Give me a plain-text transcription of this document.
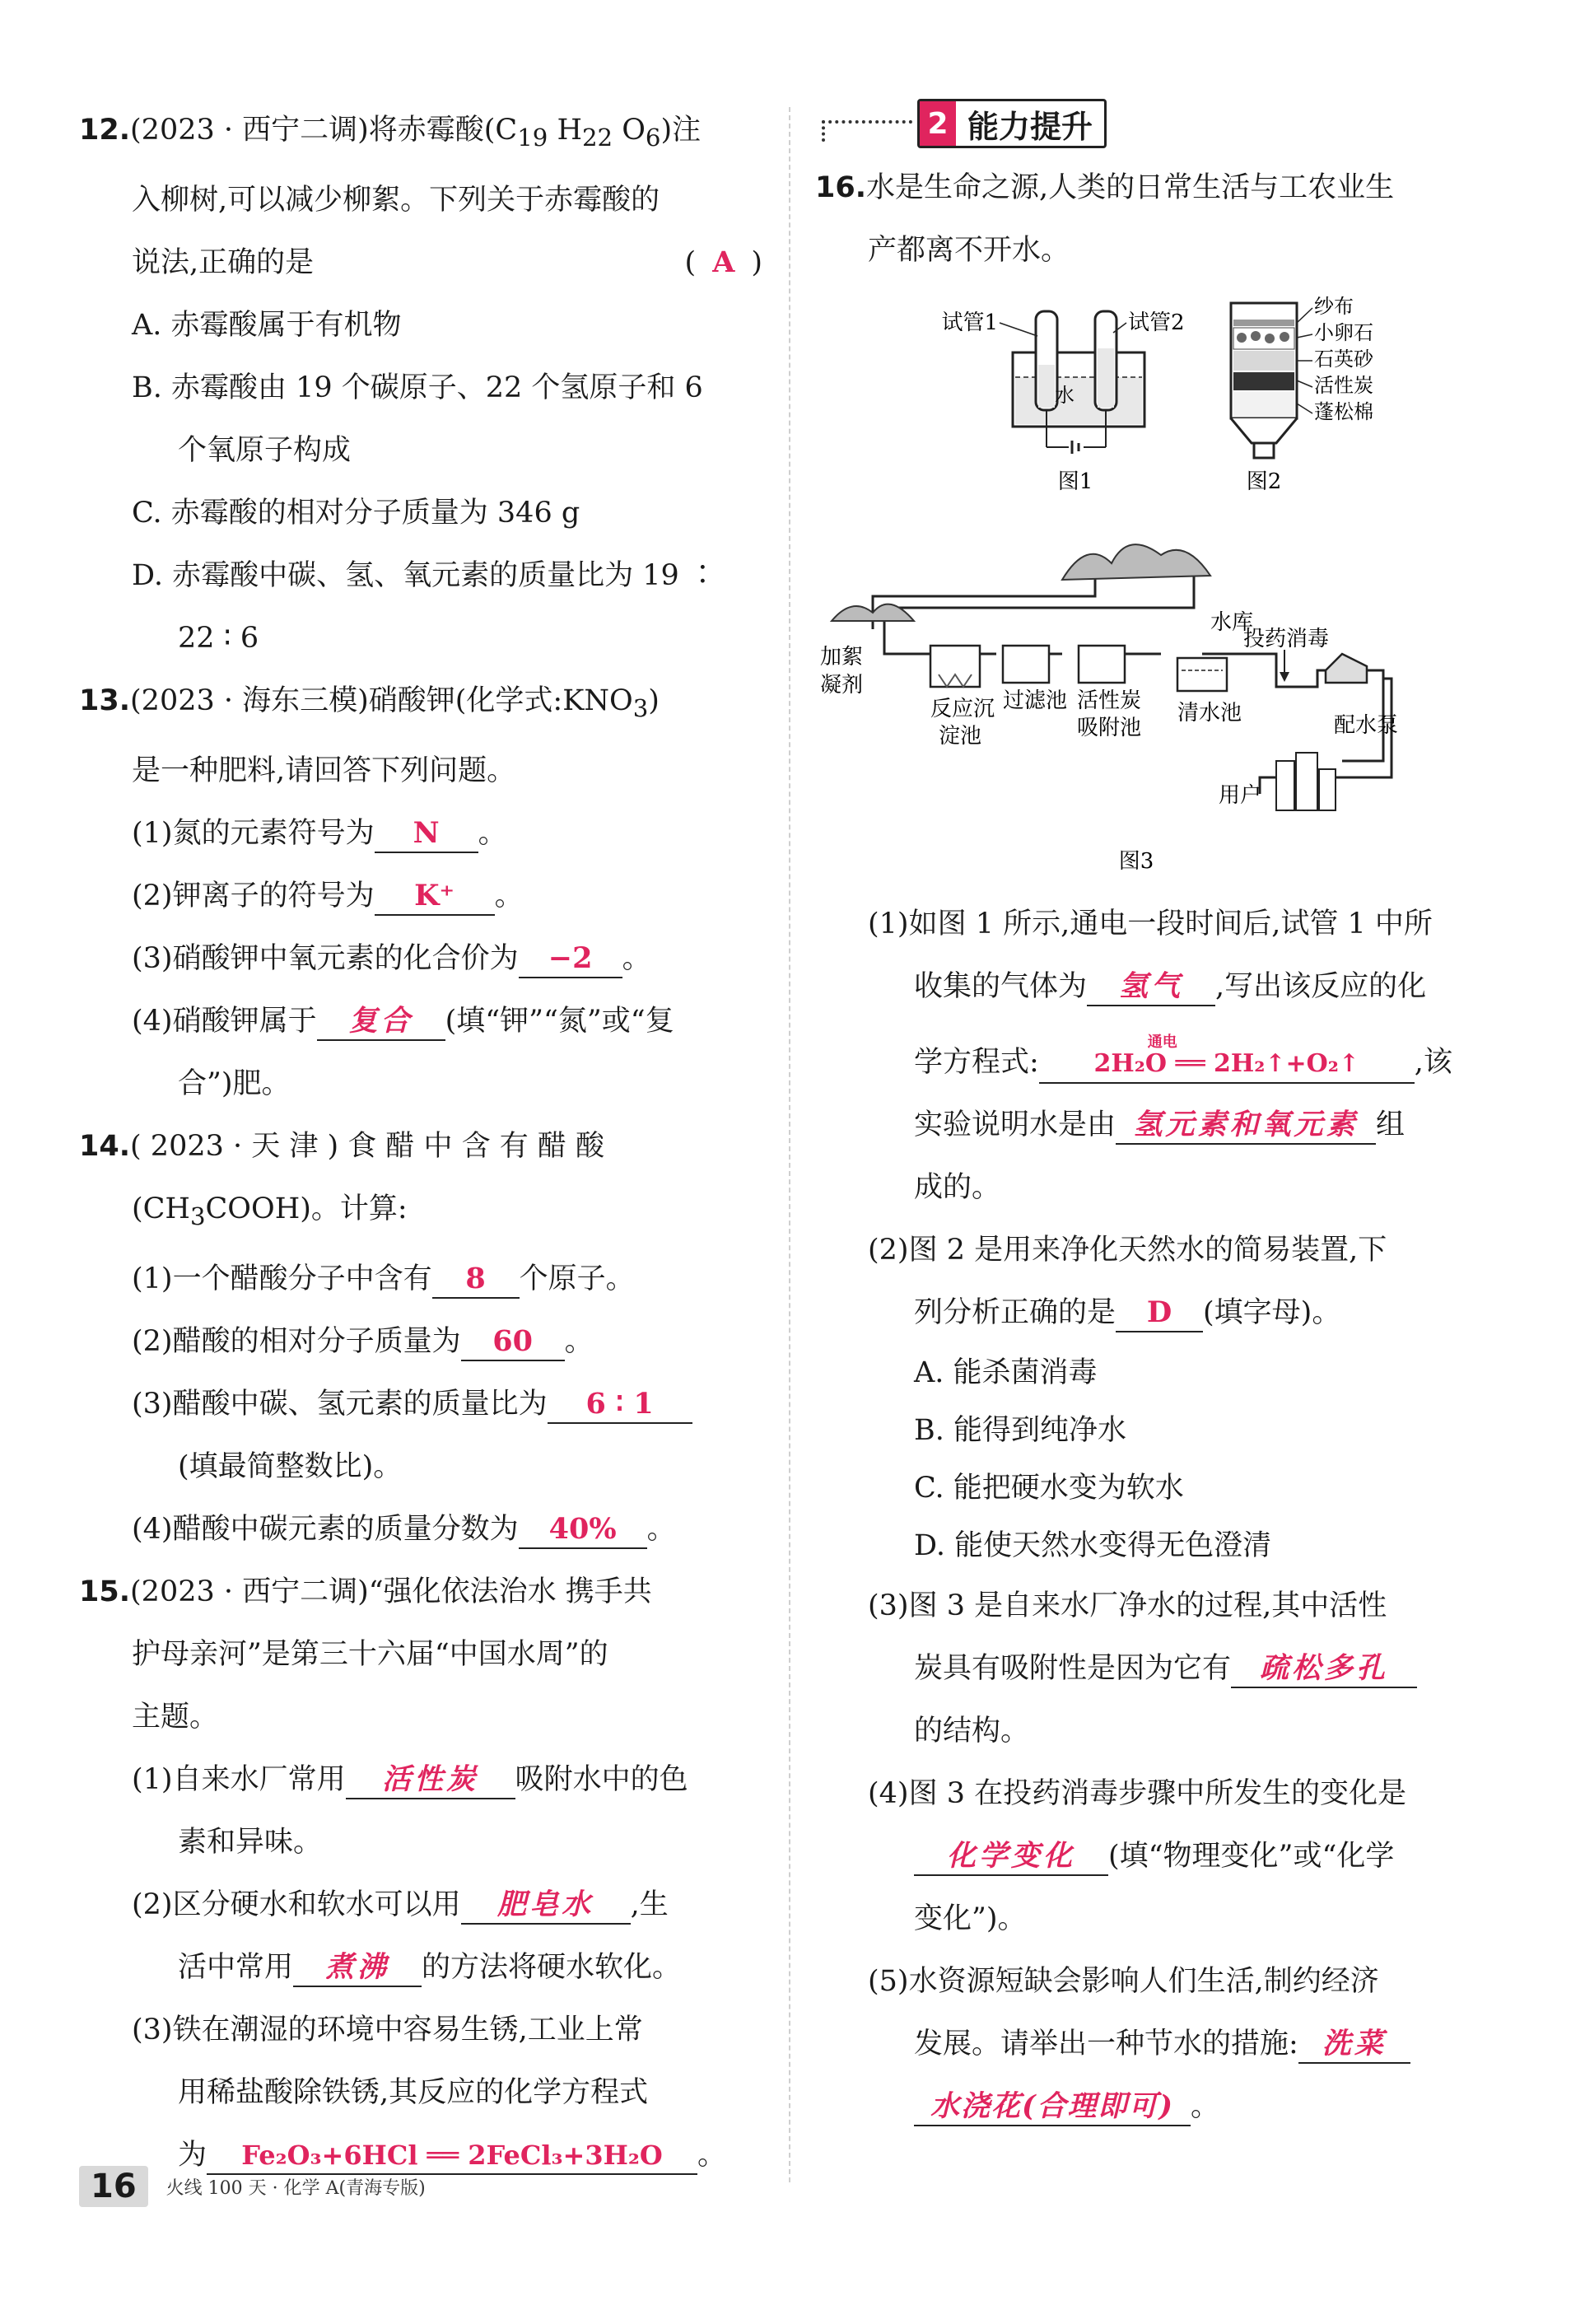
12.(2023 · 西宁二调)将赤霉酸($C_{19}$ $H_{22}$ $O_6$)注
入柳树,可以减少柳絮。下列关于赤霉酸的
说法,正确的是	( A )
A. 赤霉酸属于有机物
B. 赤霉酸由 19 个碳原子、22 个氢原子和 6
个氧原子构成
C. 赤霉酸的相对分子质量为 346 g
D. 赤霉酸中碳、氢、氧元素的质量比为 19 ∶
22 ∶ 6
13.(2023 · 海东三模)硝酸钾(化学式$:KNO_3$)
是一种肥料,请回答下列问题。
(1)氮的元素符号为 N 。
(2)钾离子的符号为 K⁺ 。
(3)硝酸钾中氧元素的化合价为 −2 。
(4)硝酸钾属于 复合 (填“钾”“氮”或“复
合”)肥。
14.( 2023 · 天 津 ) 食 醋 中 含 有 醋 酸
$(CH_3COOH)$。计算:
(1)一个醋酸分子中含有 8 个原子。
(2)醋酸的相对分子质量为 60 。
(3)醋酸中碳、氢元素的质量比为 6 ∶ 1
(填最简整数比)。
(4)醋酸中碳元素的质量分数为 40% 。
15.(2023 · 西宁二调)“强化依法治水 携手共
护母亲河”是第三十六届“中国水周”的
主题。
(1)自来水厂常用 活性炭 吸附水中的色
素和异味。
(2)区分硬水和软水可以用 肥皂水 ,生
活中常用 煮沸 的方法将硬水软化。
(3)铁在潮湿的环境中容易生锈,工业上常
用稀盐酸除铁锈,其反应的化学方程式
为 Fe₂O₃+6HCl ══ 2FeCl₃+3H₂O 。
2 能力提升
16.水是生命之源,人类的日常生活与工农业生
产都离不开水。
试管1	试管2
水
图1
纱布
小卵石
石英砂
活性炭
蓬松棉
图2
水库
加絮
凝剂
反应沉
淀池
过滤池 活性炭
吸附池
清水池
投药消毒
配水泵
用户
图3
(1)如图 1 所示,通电一段时间后,试管 1 中所
收集的气体为 氢气 ,写出该反应的化
学方程式:
通电
2H₂O ══ 2H₂↑+O₂↑ ,该
实验说明水是由 氢元素和氧元素 组
成的。
(2)图 2 是用来净化天然水的简易装置,下
列分析正确的是 D (填字母)。
A. 能杀菌消毒
B. 能得到纯净水
C. 能把硬水变为软水
D. 能使天然水变得无色澄清
(3)图 3 是自来水厂净水的过程,其中活性
炭具有吸附性是因为它有 疏松多孔
的结构。
(4)图 3 在投药消毒步骤中所发生的变化是
化学变化 (填“物理变化”或“化学
变化”)。
(5)水资源短缺会影响人们生活,制约经济
发展。请举出一种节水的措施: 洗菜
水浇花(合理即可) 。
16	火线 100 天 · 化学 A(青海专版)
